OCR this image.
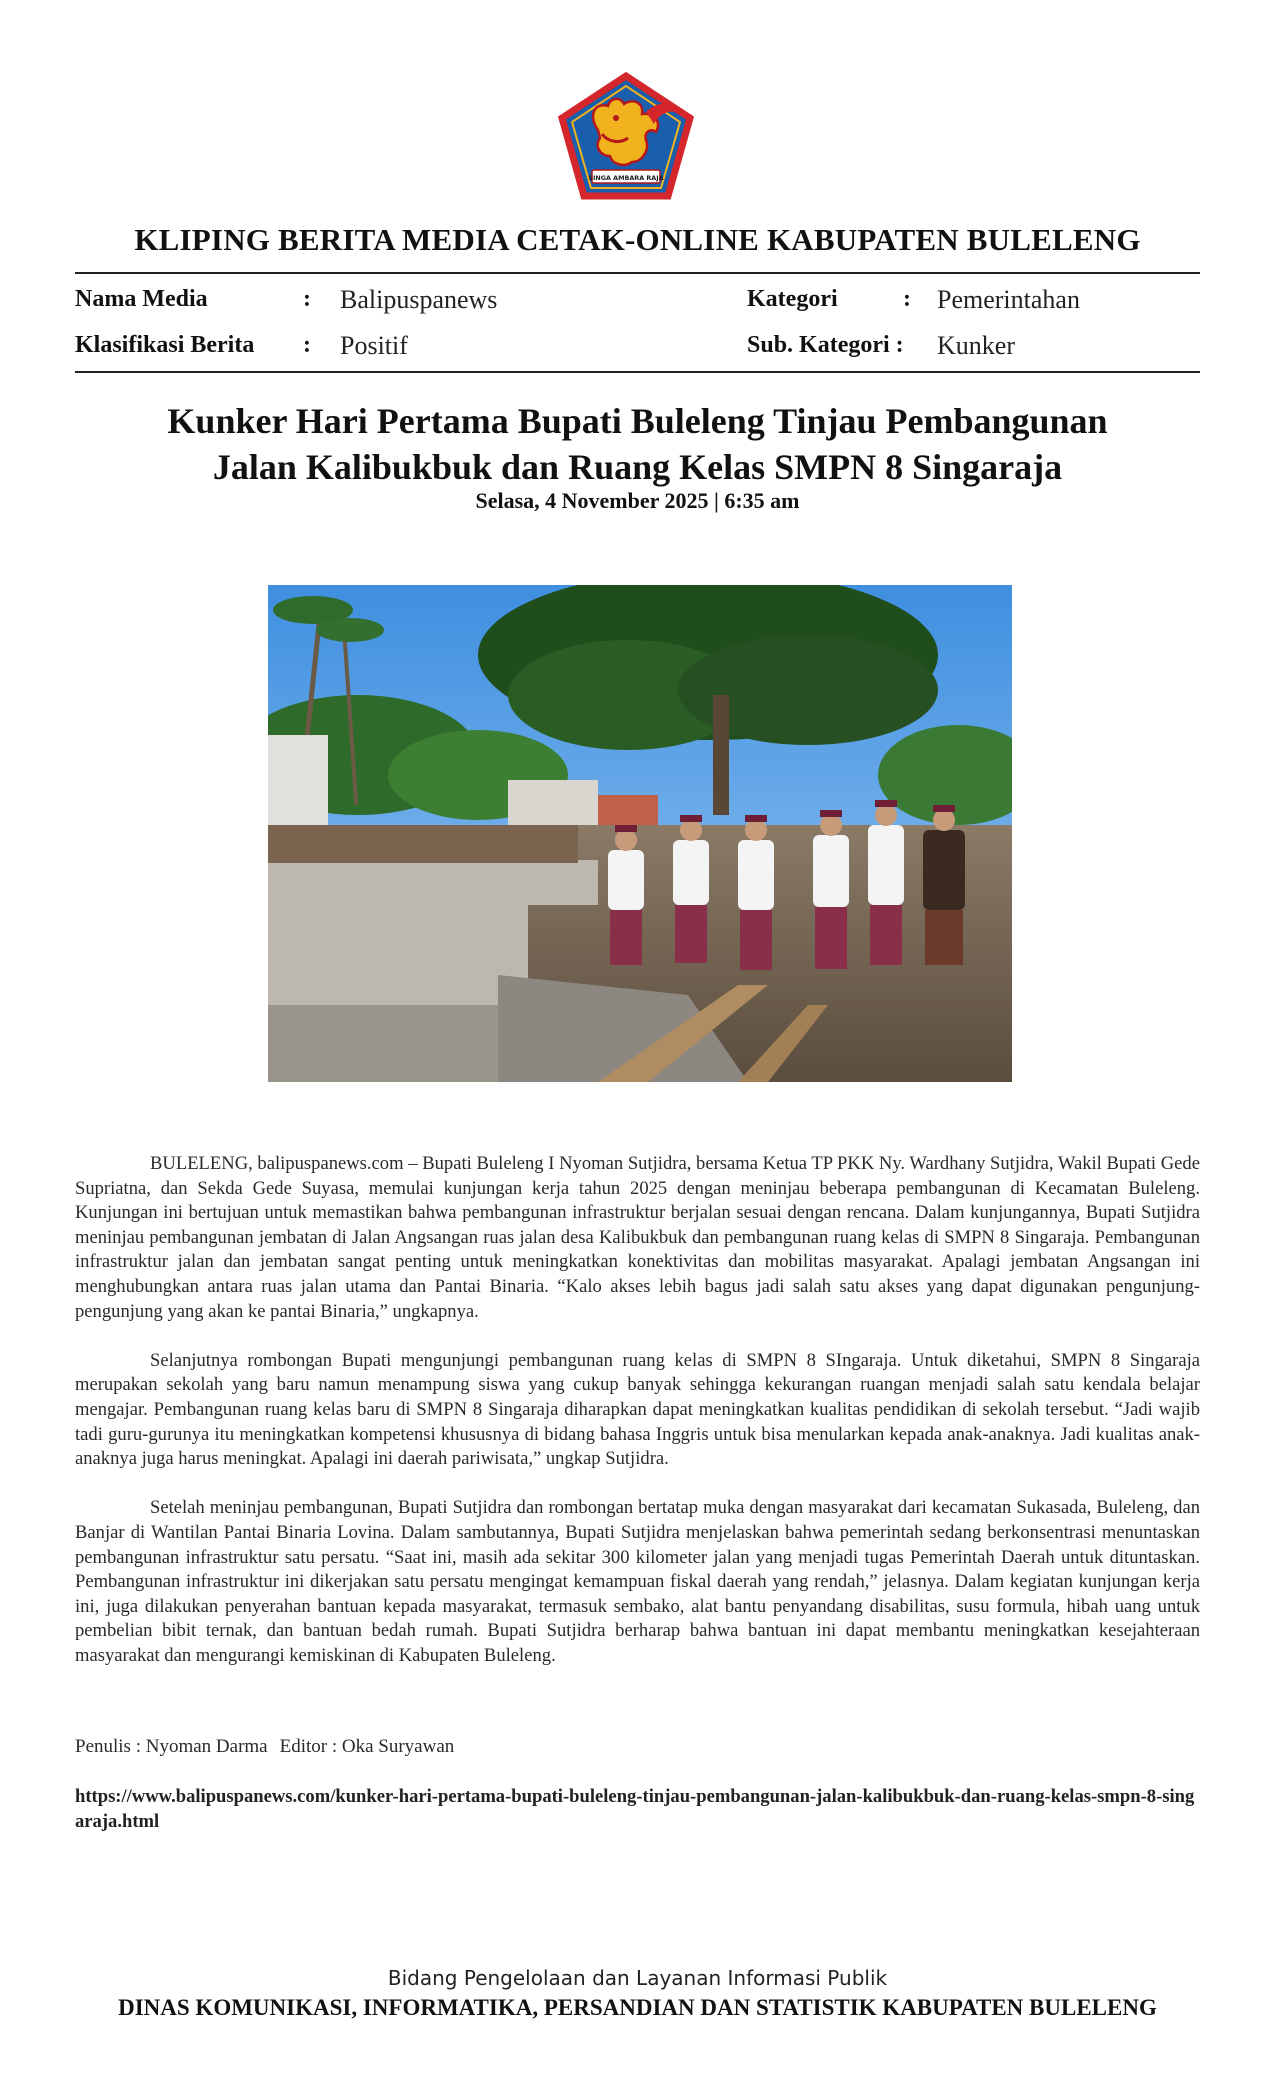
SINGA AMBARA RAJA
KLIPING BERITA MEDIA CETAK-ONLINE KABUPATEN BULELENG
Nama Media	: Balipuspanews
Klasifikasi Berita : Positif
Kategori	: Pemerintahan
Sub. Kategori : Kunker
Kunker Hari Pertama Bupati Buleleng Tinjau Pembangunan
Jalan Kalibukbuk dan Ruang Kelas SMPN 8 Singaraja
Selasa, 4 November 2025 | 6:35 am

BULELENG, balipuspanews.com – Bupati Buleleng I Nyoman Sutjidra, bersama Ketua TP PKK Ny. Wardhany Sutjidra, Wakil Bupati Gede Supriatna, dan Sekda Gede Suyasa, memulai kunjungan kerja tahun 2025 dengan meninjau beberapa pembangunan di Kecamatan Buleleng. Kunjungan ini bertujuan untuk memastikan bahwa pembangunan infrastruktur berjalan sesuai dengan rencana. Dalam kunjungannya, Bupati Sutjidra meninjau pembangunan jembatan di Jalan Angsangan ruas jalan desa Kalibukbuk dan pembangunan ruang kelas di SMPN 8 Singaraja. Pembangunan infrastruktur jalan dan jembatan sangat penting untuk meningkatkan konektivitas dan mobilitas masyarakat. Apalagi jembatan Angsangan ini menghubungkan antara ruas jalan utama dan Pantai Binaria. “Kalo akses lebih bagus jadi salah satu akses yang dapat digunakan pengunjung-pengunjung yang akan ke pantai Binaria,” ungkapnya.

Selanjutnya rombongan Bupati mengunjungi pembangunan ruang kelas di SMPN 8 SIngaraja. Untuk diketahui, SMPN 8 Singaraja merupakan sekolah yang baru namun menampung siswa yang cukup banyak sehingga kekurangan ruangan menjadi salah satu kendala belajar mengajar. Pembangunan ruang kelas baru di SMPN 8 Singaraja diharapkan dapat meningkatkan kualitas pendidikan di sekolah tersebut. “Jadi wajib tadi guru-gurunya itu meningkatkan kompetensi khususnya di bidang bahasa Inggris untuk bisa menularkan kepada anak-anaknya. Jadi kualitas anak-anaknya juga harus meningkat. Apalagi ini daerah pariwisata,” ungkap Sutjidra.

Setelah meninjau pembangunan, Bupati Sutjidra dan rombongan bertatap muka dengan masyarakat dari kecamatan Sukasada, Buleleng, dan Banjar di Wantilan Pantai Binaria Lovina. Dalam sambutannya, Bupati Sutjidra menjelaskan bahwa pemerintah sedang berkonsentrasi menuntaskan pembangunan infrastruktur satu persatu. “Saat ini, masih ada sekitar 300 kilometer jalan yang menjadi tugas Pemerintah Daerah untuk dituntaskan. Pembangunan infrastruktur ini dikerjakan satu persatu mengingat kemampuan fiskal daerah yang rendah,” jelasnya. Dalam kegiatan kunjungan kerja ini, juga dilakukan penyerahan bantuan kepada masyarakat, termasuk sembako, alat bantu penyandang disabilitas, susu formula, hibah uang untuk pembelian bibit ternak, dan bantuan bedah rumah. Bupati Sutjidra berharap bahwa bantuan ini dapat membantu meningkatkan kesejahteraan masyarakat dan mengurangi kemiskinan di Kabupaten Buleleng.

Penulis : Nyoman Darma Editor : Oka Suryawan
https://www.balipuspanews.com/kunker-hari-pertama-bupati-buleleng-tinjau-pembangunan-jalan-kalibukbuk-dan-ruang-kelas-smpn-8-singaraja.html
Bidang Pengelolaan dan Layanan Informasi Publik
DINAS KOMUNIKASI, INFORMATIKA, PERSANDIAN DAN STATISTIK KABUPATEN BULELENG
